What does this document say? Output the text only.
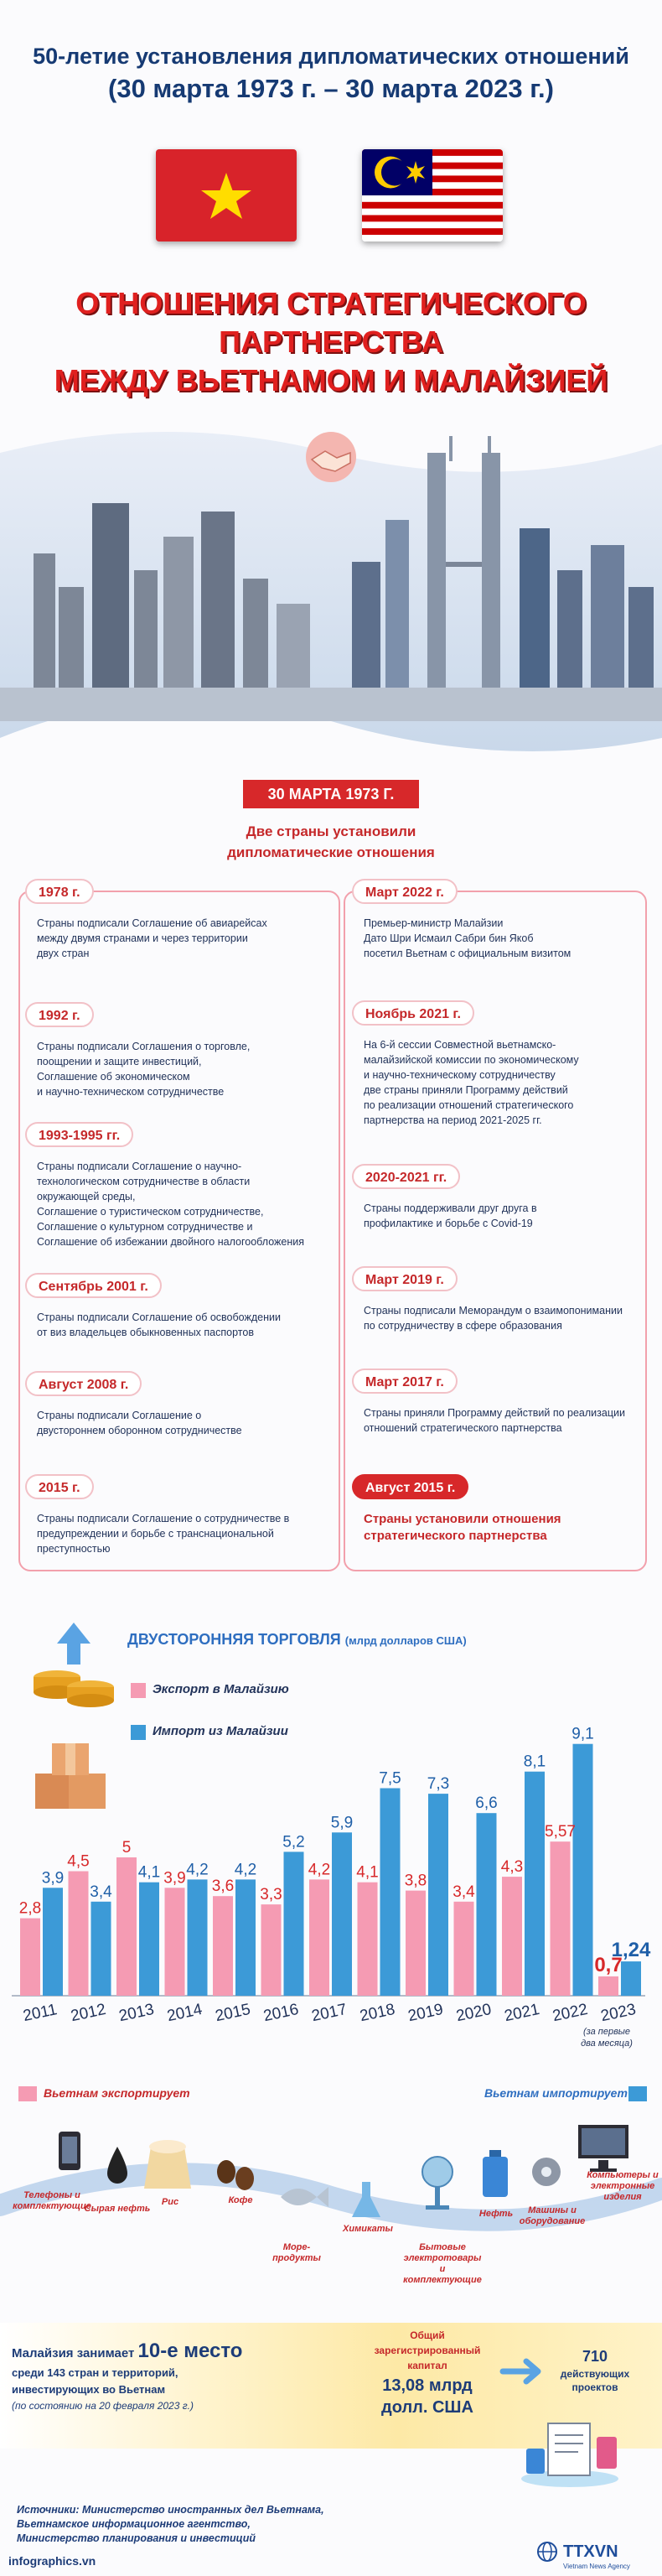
50-летие установления дипломатических отношений
(30 марта 1973 г. – 30 марта 2023 г.)
ОТНОШЕНИЯ СТРАТЕГИЧЕСКОГО
ПАРТНЕРСТВА
МЕЖДУ ВЬЕТНАМОМ И МАЛАЙЗИЕЙ
30 МАРТА 1973 Г.
Две страны установили
дипломатические отношения
ДВУСТОРОННЯЯ ТОРГОВЛЯ (млрд долларов США)
Экспорт в Малайзию
Импорт из Малайзии
2,8
3,9
2011
4,5
3,4
2012
5
4,1
2013
3,9 4,2
2014
3,6
4,2
2015
3,3
5,2
2016
4,2
5,9
2017
4,1
7,5
2018
3,8
7,3
2019
3,4
6,6
2020
4,3
8,1
2021
5,57
9,1
2022
0,7
1,24
2023
(за первые
два месяца)
Вьетнам экспортирует	Вьетнам импортирует
Телефоны и комплектующие
Сырая нефть
Рис	Кофе
Море-продукты
Химикаты
Бытовые электротовары и комплектующие
Нефть	Машины и оборудование
Компьютеры и электронные изделия
Малайзия занимает 10-е место
среди 143 стран и территорий,
инвестирующих во Вьетнам
(по состоянию на 20 февраля 2023 г.)
Общий
зарегистрированный
капитал
13,08 млрд
долл. США
710
действующих
проектов
Источники: Министерство иностранных дел Вьетнама,
Вьетнамское информационное агентство,
Министерство планирования и инвестиций
infographics.vn	TTXVN
Vietnam News Agency
1978 г.
Страны подписали Соглашение об авиарейсах
между двумя странами и через территории
двух стран
1992 г.
Страны подписали Соглашения о торговле,
поощрении и защите инвестиций,
Соглашение об экономическом
и научно-техническом сотрудничестве
1993-1995 гг.
Страны подписали Соглашение о научно-
технологическом сотрудничестве в области
окружающей среды,
Соглашение о туристическом сотрудничестве,
Соглашение о культурном сотрудничестве и
Соглашение об избежании двойного налогообложения
Сентябрь 2001 г.
Страны подписали Соглашение об освобождении
от виз владельцев обыкновенных паспортов
Август 2008 г.
Страны подписали Соглашение о
двустороннем оборонном сотрудничестве
2015 г.
Страны подписали Соглашение о сотрудничестве в
предупреждении и борьбе с транснациональной
преступностью
Март 2022 г.
Премьер-министр Малайзии
Дато Шри Исмаил Сабри бин Якоб
посетил Вьетнам с официальным визитом
Ноябрь 2021 г.
На 6-й сессии Совместной вьетнамско-
малайзийской комиссии по экономическому
и научно-техническому сотрудничеству
две страны приняли Программу действий
по реализации отношений стратегического
партнерства на период 2021-2025 гг.
2020-2021 гг.
Страны поддерживали друг друга в
профилактике и борьбе с Covid-19
Март 2019 г.
Страны подписали Меморандум о взаимопонимании
по сотрудничеству в сфере образования
Март 2017 г.
Страны приняли Программу действий по реализации
отношений стратегического партнерства
Август 2015 г.
Страны установили отношения
стратегического партнерства
